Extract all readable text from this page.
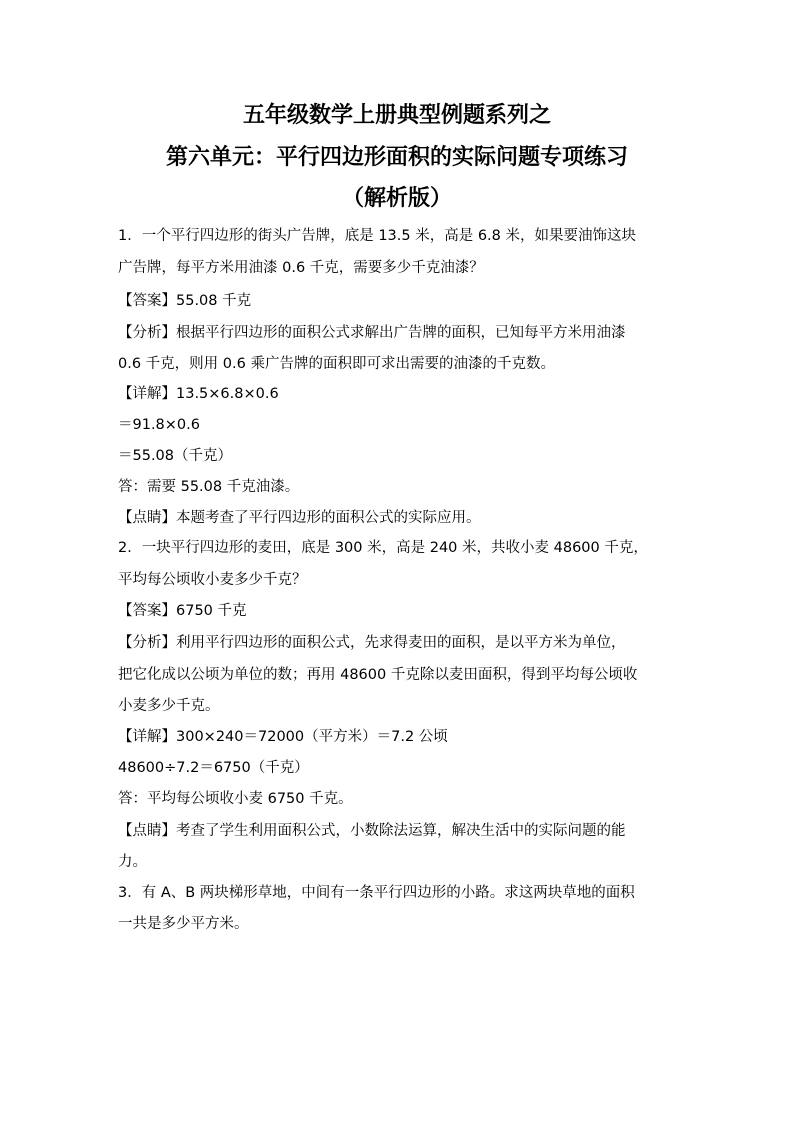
五年级数学上册典型例题系列之
第六单元：平行四边形面积的实际问题专项练习
（解析版）
1．一个平行四边形的街头广告牌，底是 13.5 米，高是 6.8 米，如果要油饰这块
广告牌，每平方米用油漆 0.6 千克，需要多少千克油漆？
【答案】55.08 千克
【分析】根据平行四边形的面积公式求解出广告牌的面积，已知每平方米用油漆
0.6 千克，则用 0.6 乘广告牌的面积即可求出需要的油漆的千克数。
【详解】13.5×6.8×0.6
＝91.8×0.6
＝55.08（千克）
答：需要 55.08 千克油漆。
【点睛】本题考查了平行四边形的面积公式的实际应用。
2．一块平行四边形的麦田，底是 300 米，高是 240 米，共收小麦 48600 千克，
平均每公顷收小麦多少千克？
【答案】6750 千克
【分析】利用平行四边形的面积公式，先求得麦田的面积，是以平方米为单位，
把它化成以公顷为单位的数；再用 48600 千克除以麦田面积，得到平均每公顷收
小麦多少千克。
【详解】300×240＝72000（平方米）＝7.2 公顷
48600÷7.2＝6750（千克）
答：平均每公顷收小麦 6750 千克。
【点睛】考查了学生利用面积公式，小数除法运算，解决生活中的实际问题的能
力。
3．有 A、B 两块梯形草地，中间有一条平行四边形的小路。求这两块草地的面积
一共是多少平方米。
